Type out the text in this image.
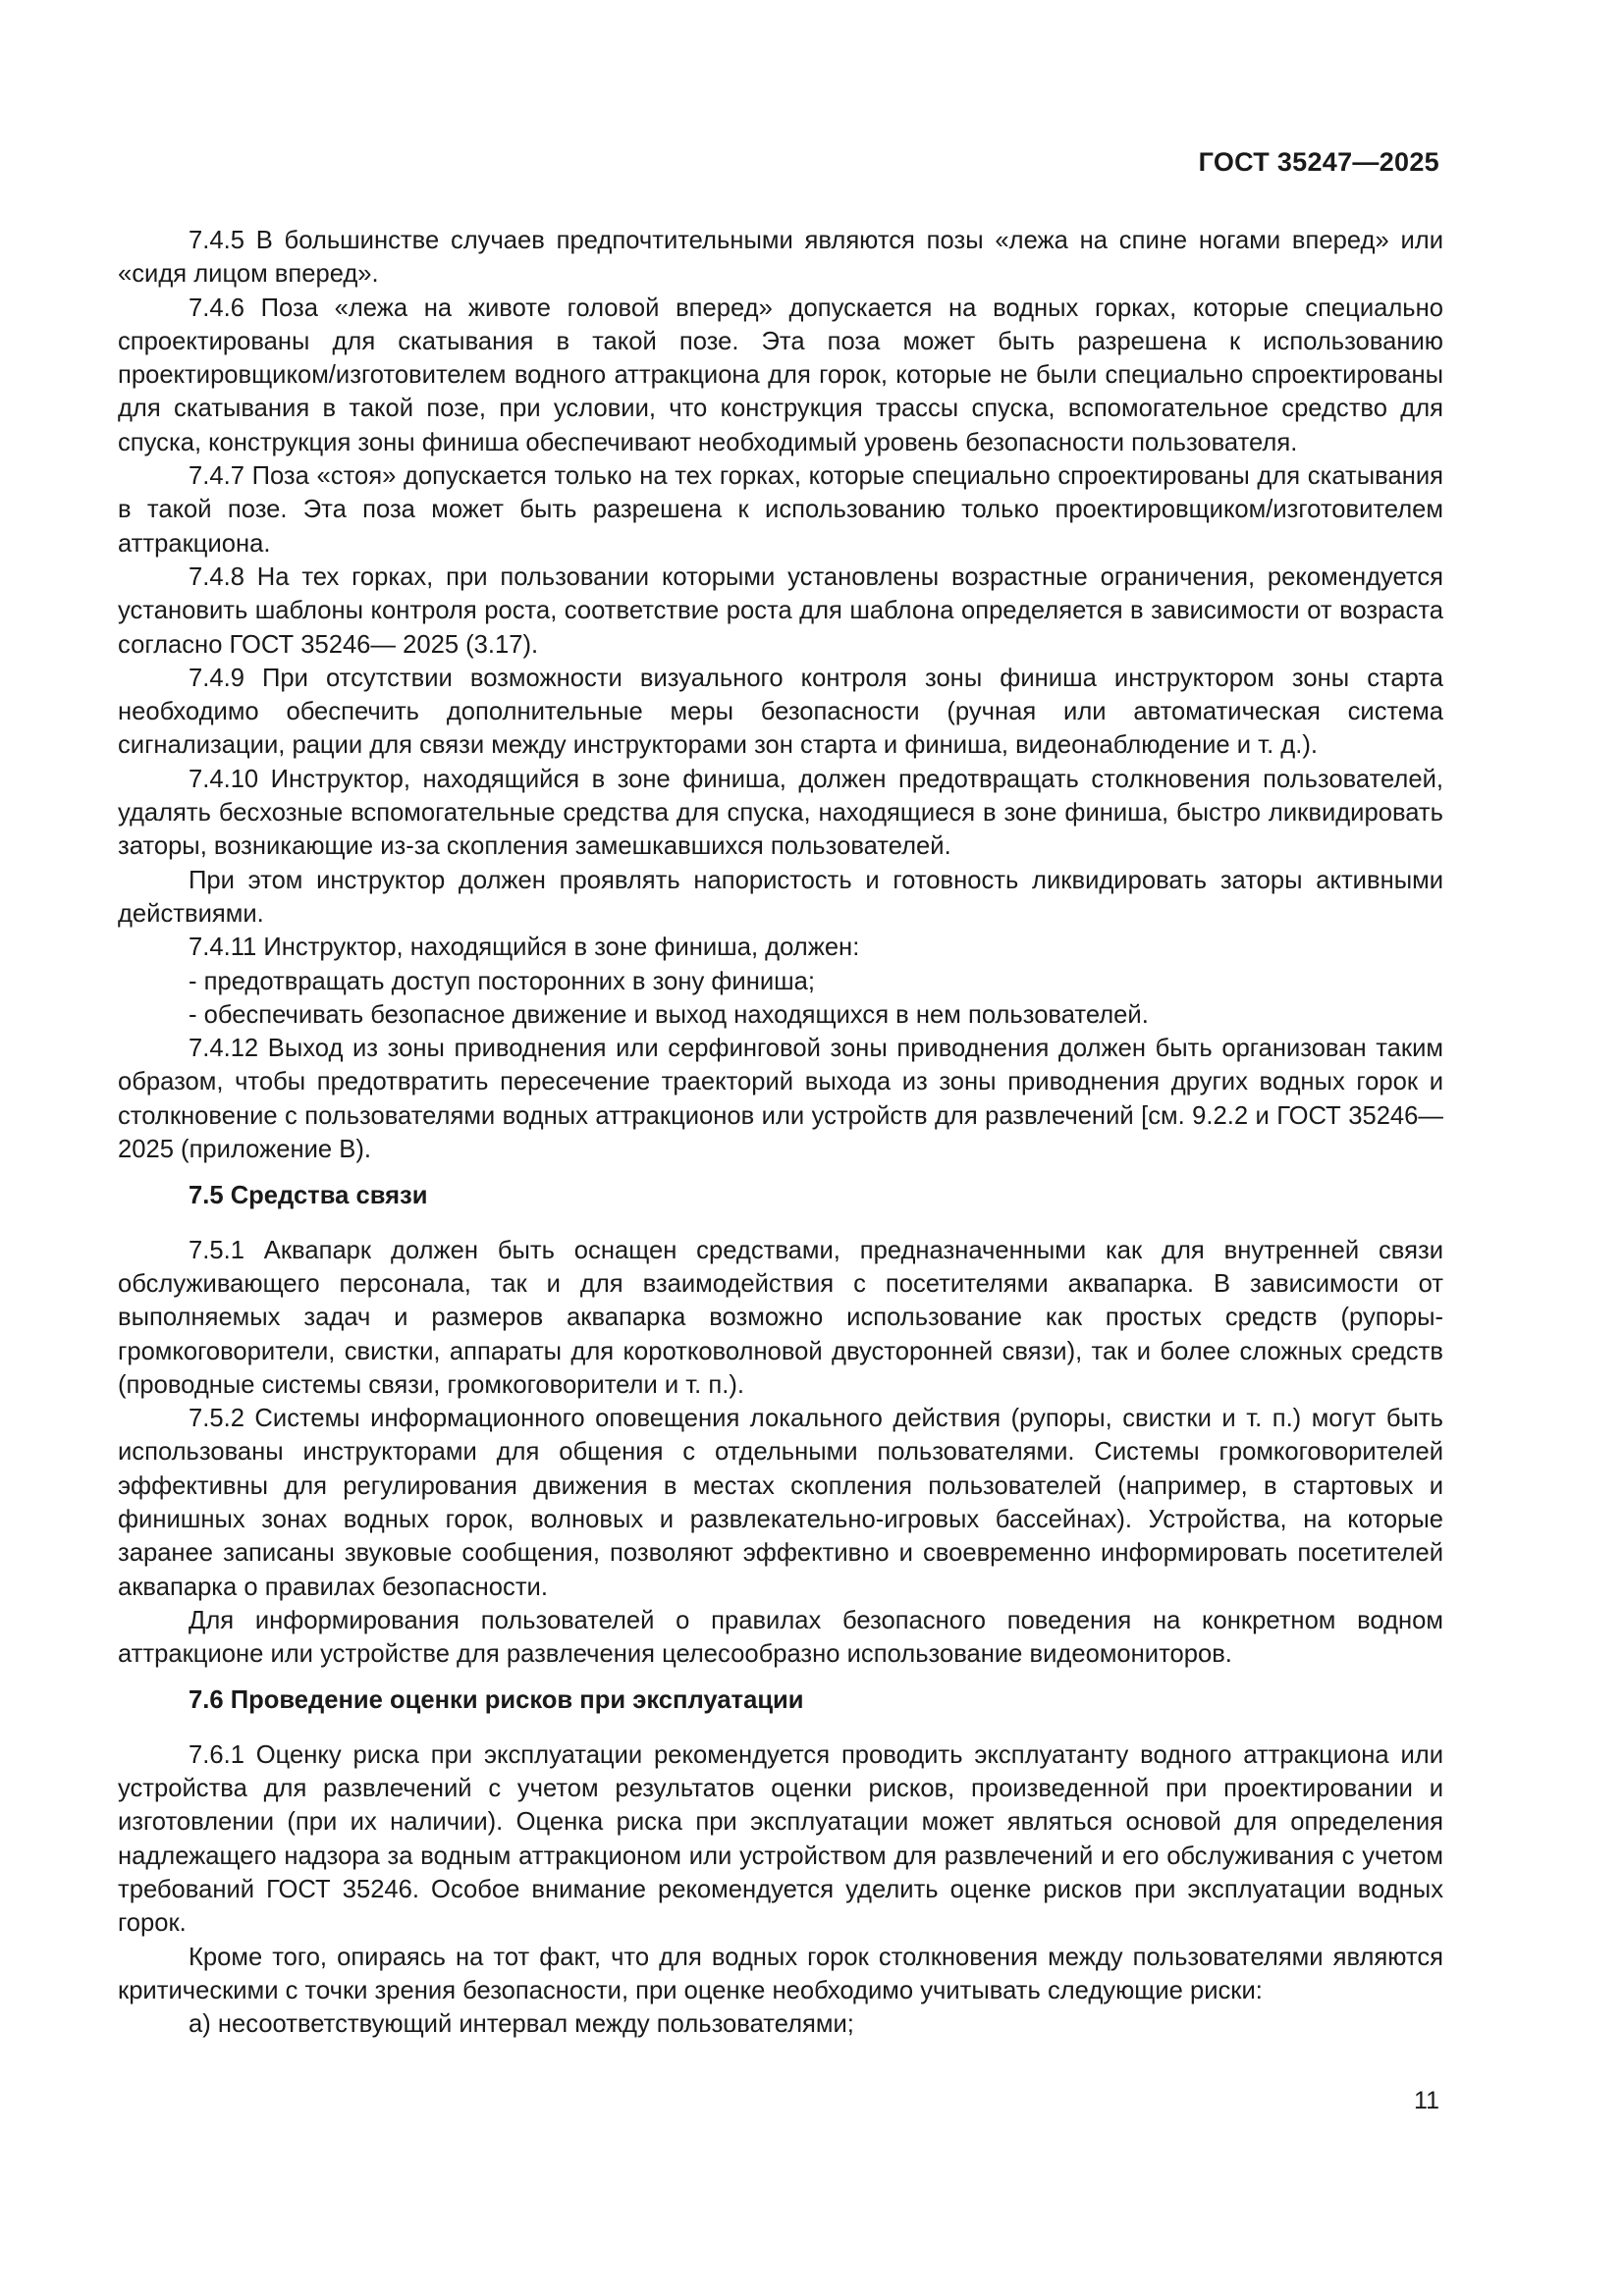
ГОСТ 35247—2025

7.4.5 В большинстве случаев предпочтительными являются позы «лежа на спине ногами вперед» или «сидя лицом вперед».

7.4.6 Поза «лежа на животе головой вперед» допускается на водных горках, которые специально спроектированы для скатывания в такой позе. Эта поза может быть разрешена к использованию проектировщиком/изготовителем водного аттракциона для горок, которые не были специально спроектированы для скатывания в такой позе, при условии, что конструкция трассы спуска, вспомогательное средство для спуска, конструкция зоны финиша обеспечивают необходимый уровень безопасности пользователя.

7.4.7 Поза «стоя» допускается только на тех горках, которые специально спроектированы для скатывания в такой позе. Эта поза может быть разрешена к использованию только проектировщиком/изготовителем аттракциона.

7.4.8 На тех горках, при пользовании которыми установлены возрастные ограничения, рекомендуется установить шаблоны контроля роста, соответствие роста для шаблона определяется в зависимости от возраста согласно ГОСТ 35246— 2025 (3.17).

7.4.9 При отсутствии возможности визуального контроля зоны финиша инструктором зоны старта необходимо обеспечить дополнительные меры безопасности (ручная или автоматическая система сигнализации, рации для связи между инструкторами зон старта и финиша, видеонаблюдение и т. д.).

7.4.10 Инструктор, находящийся в зоне финиша, должен предотвращать столкновения пользователей, удалять бесхозные вспомогательные средства для спуска, находящиеся в зоне финиша, быстро ликвидировать заторы, возникающие из-за скопления замешкавшихся пользователей.

При этом инструктор должен проявлять напористость и готовность ликвидировать заторы активными действиями.

7.4.11 Инструктор, находящийся в зоне финиша, должен:

- предотвращать доступ посторонних в зону финиша;

- обеспечивать безопасное движение и выход находящихся в нем пользователей.

7.4.12 Выход из зоны приводнения или серфинговой зоны приводнения должен быть организован таким образом, чтобы предотвратить пересечение траекторий выхода из зоны приводнения других водных горок и столкновение с пользователями водных аттракционов или устройств для развлечений [см. 9.2.2 и ГОСТ 35246—2025 (приложение В).

7.5 Средства связи

7.5.1 Аквапарк должен быть оснащен средствами, предназначенными как для внутренней связи обслуживающего персонала, так и для взаимодействия с посетителями аквапарка. В зависимости от выполняемых задач и размеров аквапарка возможно использование как простых средств (рупоры-громкоговорители, свистки, аппараты для коротковолновой двусторонней связи), так и более сложных средств (проводные системы связи, громкоговорители и т. п.).

7.5.2 Системы информационного оповещения локального действия (рупоры, свистки и т. п.) могут быть использованы инструкторами для общения с отдельными пользователями. Системы громкоговорителей эффективны для регулирования движения в местах скопления пользователей (например, в стартовых и финишных зонах водных горок, волновых и развлекательно-игровых бассейнах). Устройства, на которые заранее записаны звуковые сообщения, позволяют эффективно и своевременно информировать посетителей аквапарка о правилах безопасности.

Для информирования пользователей о правилах безопасного поведения на конкретном водном аттракционе или устройстве для развлечения целесообразно использование видеомониторов.

7.6 Проведение оценки рисков при эксплуатации

7.6.1 Оценку риска при эксплуатации рекомендуется проводить эксплуатанту водного аттракциона или устройства для развлечений с учетом результатов оценки рисков, произведенной при проектировании и изготовлении (при их наличии). Оценка риска при эксплуатации может являться основой для определения надлежащего надзора за водным аттракционом или устройством для развлечений и его обслуживания с учетом требований ГОСТ 35246. Особое внимание рекомендуется уделить оценке рисков при эксплуатации водных горок.

Кроме того, опираясь на тот факт, что для водных горок столкновения между пользователями являются критическими с точки зрения безопасности, при оценке необходимо учитывать следующие риски:

а) несоответствующий интервал между пользователями;

11
